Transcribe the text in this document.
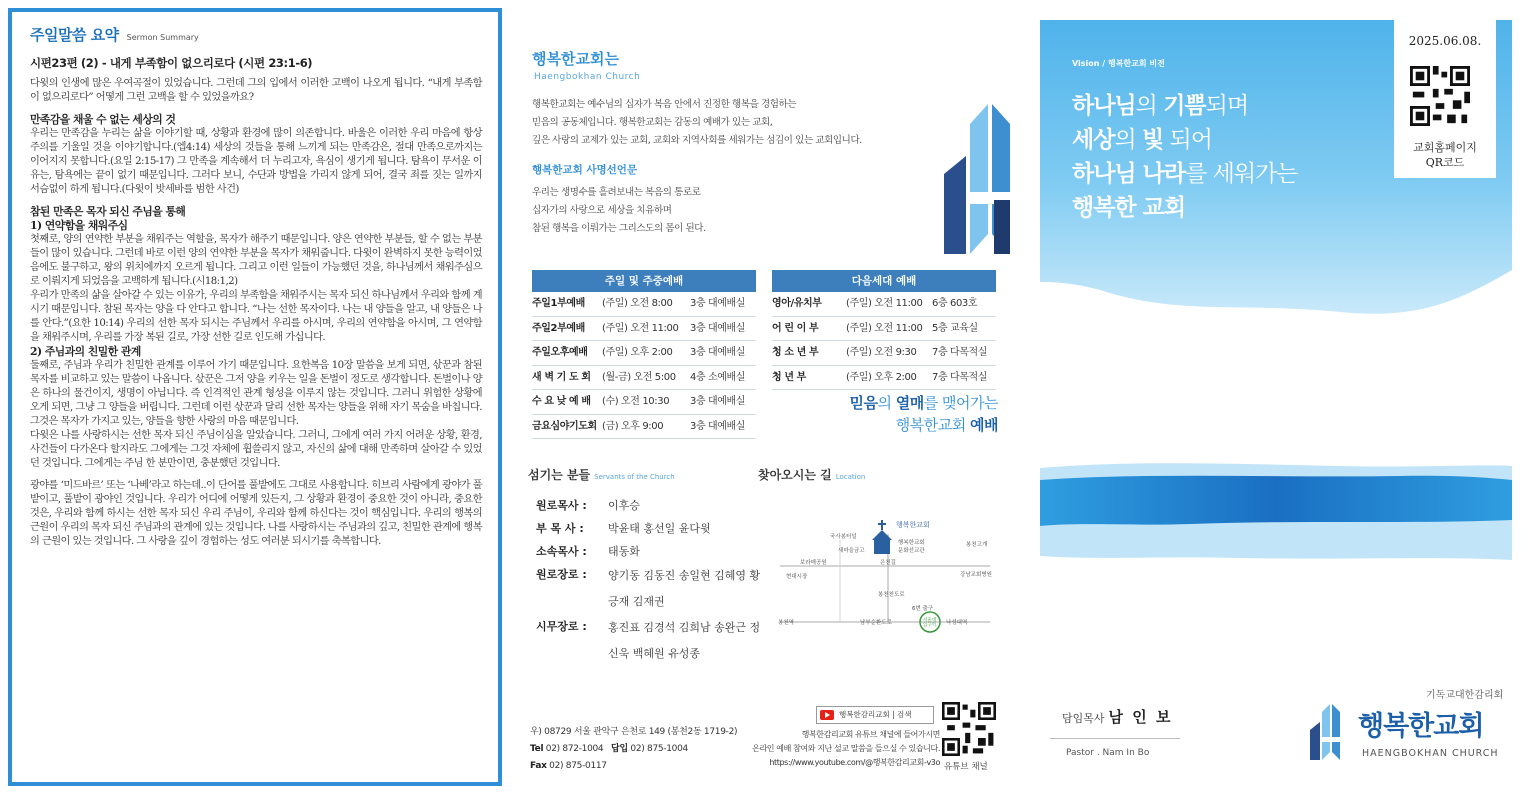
주일말씀 요약 Sermon Summary
시편23편 (2) - 내게 부족함이 없으리로다 (시편 23:1-6)

다윗의 인생에 많은 우여곡절이 있었습니다. 그런데 그의 입에서 이러한 고백이 나오게 됩니다. “내게 부족함이 없으리로다” 어떻게 그런 고백을 할 수 있었을까요?

만족감을 채울 수 없는 세상의 것

우리는 만족감을 누리는 삶을 이야기할 때, 상황과 환경에 많이 의존합니다. 바울은 이러한 우리 마음에 항상 주의를 기울일 것을 이야기합니다.(엡4:14) 세상의 것들을 통해 느끼게 되는 만족감은, 절대 만족으로까지는 이어지지 못합니다.(요일 2:15-17) 그 만족을 계속해서 더 누리고자, 욕심이 생기게 됩니다. 탐욕이 무서운 이유는, 탐욕에는 끝이 없기 때문입니다. 그러다 보니, 수단과 방법을 가리지 않게 되어, 결국 죄를 짓는 일까지 서슴없이 하게 됩니다.(다윗이 밧세바를 범한 사건)

참된 만족은 목자 되신 주님을 통해
1) 연약함을 채워주심

첫째로, 양의 연약한 부분을 채워주는 역할을, 목자가 해주기 때문입니다. 양은 연약한 부분들, 할 수 없는 부분들이 많이 있습니다. 그런데 바로 이런 양의 연약한 부분을 목자가 채워줍니다. 다윗이 완벽하지 못한 능력이었음에도 불구하고, 왕의 위치에까지 오르게 됩니다. 그리고 이런 일들이 가능했던 것을, 하나님께서 채워주심으로 이뤄지게 되었음을 고백하게 됩니다.(시18:1,2)

우리가 만족의 삶을 살아갈 수 있는 이유가, 우리의 부족함을 채워주시는 목자 되신 하나님께서 우리와 함께 계시기 때문입니다. 참된 목자는 양을 다 안다고 합니다. “나는 선한 목자이다. 나는 내 양들을 알고, 내 양들은 나를 안다.”(요한 10:14) 우리의 선한 목자 되시는 주님께서 우리를 아시며, 우리의 연약함을 아시며, 그 연약함을 채워주시며, 우리를 가장 복된 길로, 가장 선한 길로 인도해 가십니다.

2) 주님과의 친밀한 관계

둘째로, 주님과 우리가 친밀한 관계를 이루어 가기 때문입니다. 요한복음 10장 말씀을 보게 되면, 삯꾼과 참된 목자를 비교하고 있는 말씀이 나옵니다. 삯꾼은 그저 양을 키우는 일을 돈벌이 정도로 생각합니다. 돈벌이나 양은 하나의 물건이지, 생명이 아닙니다. 즉 인격적인 관계 형성을 이루지 않는 것입니다. 그러니 위험한 상황에 오게 되면, 그냥 그 양들을 버립니다. 그런데 이런 삯꾼과 달리 선한 목자는 양들을 위해 자기 목숨을 바칩니다. 그것은 목자가 가지고 있는, 양들을 향한 사랑의 마음 때문입니다.

다윗은 나를 사랑하시는 선한 목자 되신 주님이심을 알았습니다. 그러니, 그에게 여러 가지 어려운 상황, 환경, 사건들이 다가온다 할지라도 그에게는 그것 자체에 휩쓸리지 않고, 자신의 삶에 대해 만족하며 살아갈 수 있었던 것입니다. 그에게는 주님 한 분만이면, 충분했던 것입니다.

광야를 ‘미드바르’ 또는 ‘나베’라고 하는데..이 단어를 풀밭에도 그대로 사용합니다. 히브리 사람에게 광야가 풀밭이고, 풀밭이 광야인 것입니다. 우리가 어디에 어떻게 있든지, 그 상황과 환경이 중요한 것이 아니라, 중요한 것은, 우리와 함께 하시는 선한 목자 되신 우리 주님이, 우리와 함께 하신다는 것이 핵심입니다. 우리의 행복의 근원이 우리의 목자 되신 주님과의 관계에 있는 것입니다. 나를 사랑하시는 주님과의 깊고, 친밀한 관계에 행복의 근원이 있는 것입니다. 그 사랑을 깊이 경험하는 성도 여러분 되시기를 축복합니다.

행복한교회는
Haengbokhan Church
행복한교회는 예수님의 십자가 복음 안에서 진정한 행복을 경험하는
믿음의 공동체입니다. 행복한교회는 감동의 예배가 있는 교회,
깊은 사랑의 교제가 있는 교회, 교회와 지역사회를 세워가는 섬김이 있는 교회입니다.
행복한교회 사명선언문
우리는 생명수를 흘려보내는 복음의 통로로
십자가의 사랑으로 세상을 치유하며
참된 행복을 이뤄가는 그리스도의 몸이 된다.
주일 및 주중예배
주일1부예배	(주일) 오전 8:00	3층 대예배실
주일2부예배	(주일) 오전 11:00	3층 대예배실
주일오후예배	(주일) 오후 2:00	3층 대예배실
새 벽 기 도 회	(월-금) 오전 5:00	4층 소예배실
수 요 낮 예 배	(수) 오전 10:30	3층 대예배실
금요심야기도회 (금) 오후 9:00	3층 대예배실
다음세대 예배
영아/유치부	(주일) 오전 11:00 6층 603호
어 린 이 부	(주일) 오전 11:00 5층 교육실
청 소 년 부	(주일) 오전 9:30	7층 다목적실
청 년 부	(주일) 오후 2:00	7층 다목적실
믿음의 열매를 맺어가는
행복한교회 예배
섬기는 분들 Servants of the Church
원로목사 :	이후승
부 목 사 :	박윤태 홍선일 윤다윗
소속목사 :	태동화
원로장로 :	양기동 김동진 송일현 김혜영 황긍재 김재권
시무장로 :	홍진표 김경석 김희남 송완근 정신욱 백혜원 유성종
찾아오시는 길 Location
행복한교회
행복한교회
문화선교관
국사봉터널
새마을금고
봉천고개
보라매공원	은천길
강남교회병원
현대시장
봉천천도로
봉천역	남부순환도로	낙성대역
6번 출구
서울대입구역
우) 08729 서울 관악구 은천로 149 (봉천2동 1719-2)
Tel 02) 872-1004 답입 02) 875-1004
Fax 02) 875-0117
행복한감리교회 | 검색
행복한감리교회 유튜브 채널에 들어가시면
온라인 예배 참여와 지난 설교 말씀을 들으실 수 있습니다.
https://www.youtube.com/@행복한감리교회-v3o 유튜브 채널
Vision / 행복한교회 비전
하나님의 기쁨되며
세상의 빛 되어
하나님 나라를 세워가는
행복한 교회
2025.06.08.
교회홈페이지
QR코드
담임목사 남 인 보
Pastor . Nam In Bo
기독교대한감리회
행복한교회
HAENGBOKHAN CHURCH
